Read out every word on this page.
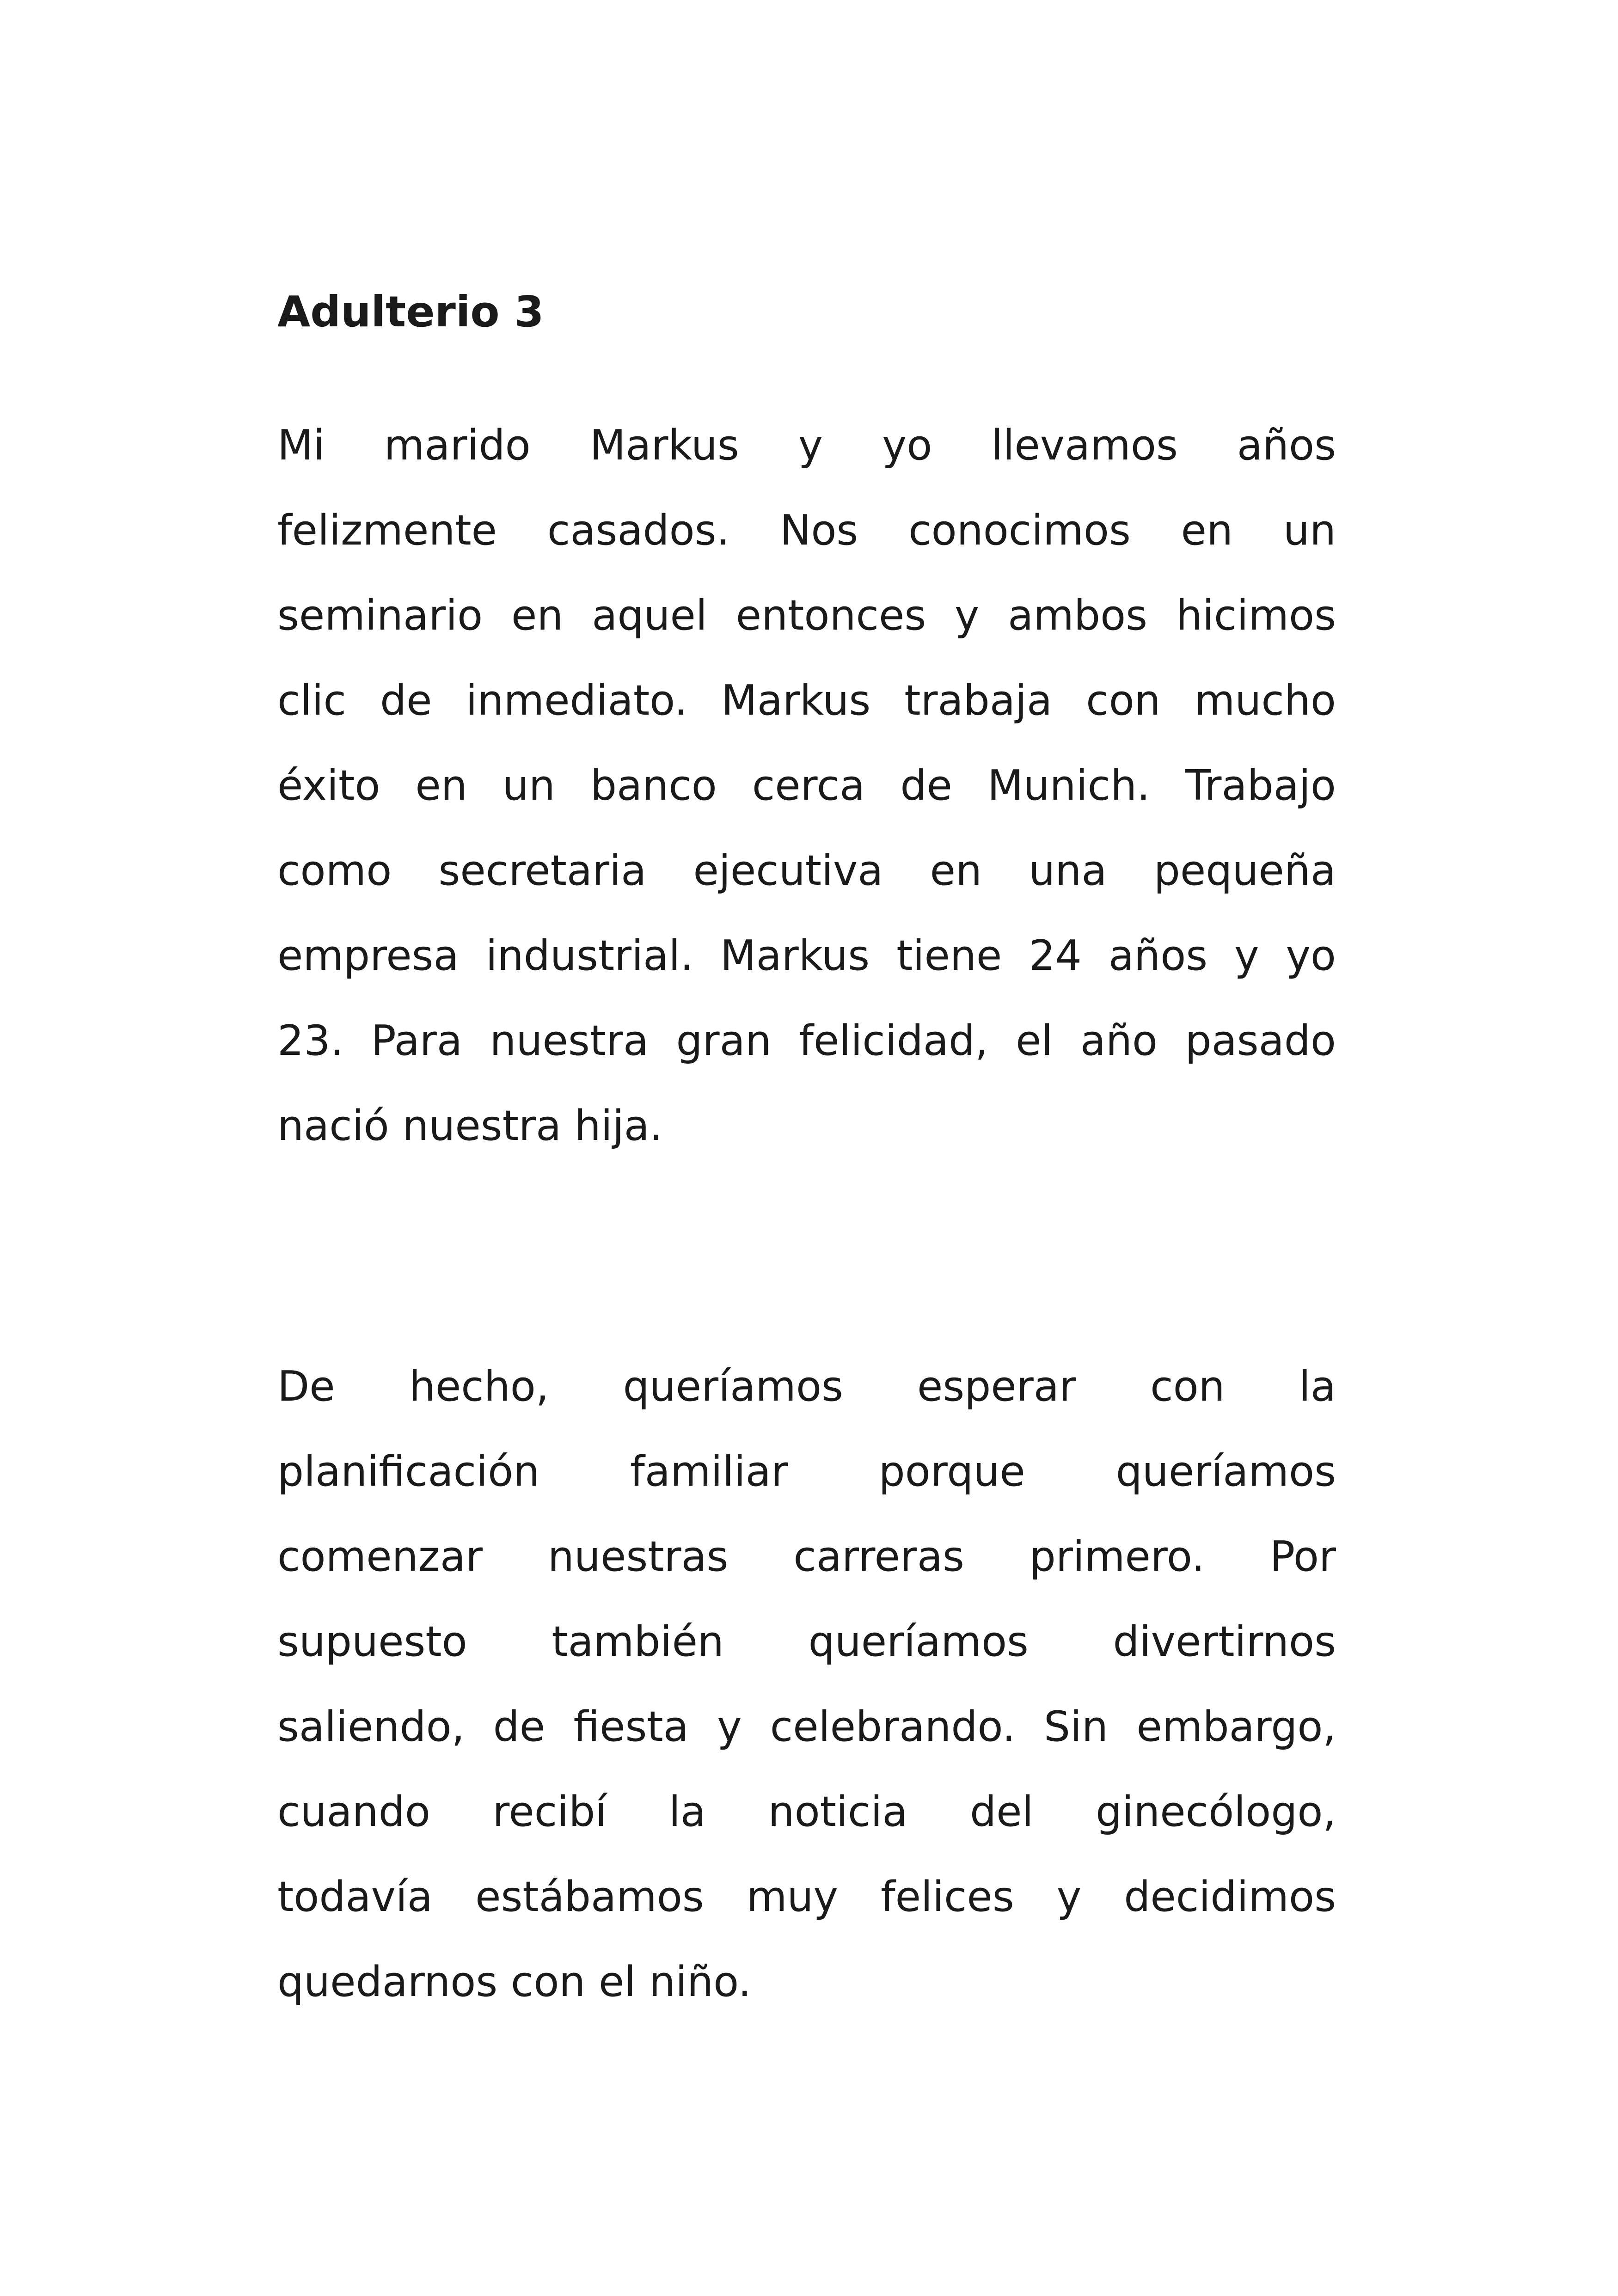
Adulterio 3
Mi marido Markus y yo llevamos años
felizmente casados. Nos conocimos en un
seminario en aquel entonces y ambos hicimos
clic de inmediato. Markus trabaja con mucho
éxito en un banco cerca de Munich. Trabajo
como secretaria ejecutiva en una pequeña
empresa industrial. Markus tiene 24 años y yo
23. Para nuestra gran felicidad, el año pasado
nació nuestra hija.
De hecho, queríamos esperar con la
planificación familiar porque queríamos
comenzar nuestras carreras primero. Por
supuesto también queríamos divertirnos
saliendo, de fiesta y celebrando. Sin embargo,
cuando recibí la noticia del ginecólogo,
todavía estábamos muy felices y decidimos
quedarnos con el niño.
